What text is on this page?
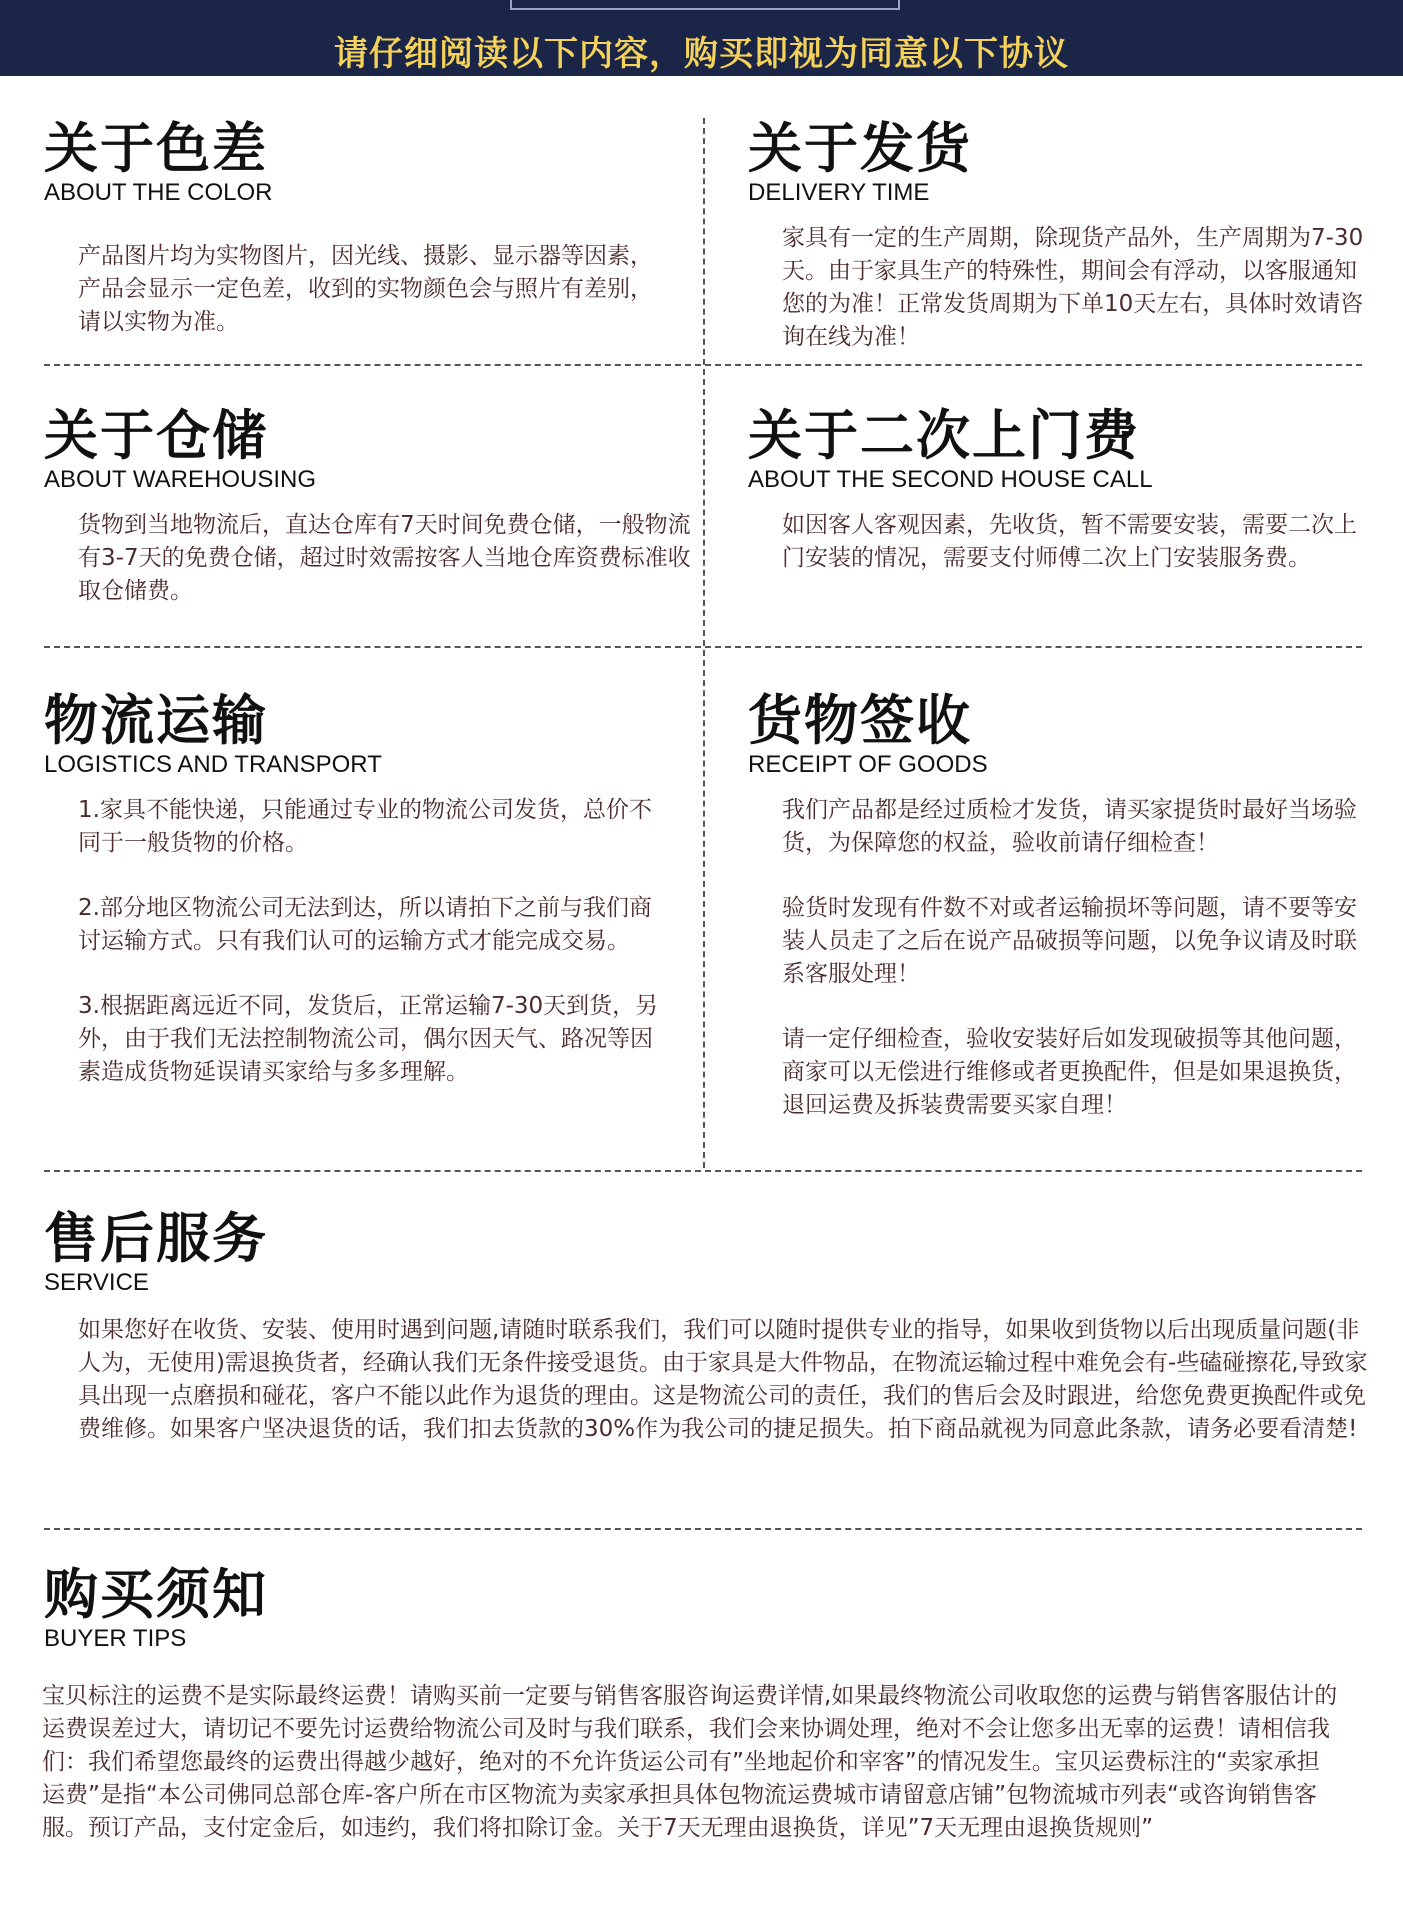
请仔细阅读以下内容，购买即视为同意以下协议
关于色差
ABOUT THE COLOR

产品图片均为实物图片，因光线、摄影、显示器等因素，产品会显示一定色差，收到的实物颜色会与照片有差别，请以实物为准。

关于发货
DELIVERY TIME

家具有一定的生产周期，除现货产品外，生产周期为7-30天。由于家具生产的特殊性，期间会有浮动，以客服通知您的为准！正常发货周期为下单10天左右，具体时效请咨询在线为准！

关于仓储
ABOUT WAREHOUSING

货物到当地物流后，直达仓库有7天时间免费仓储，一般物流有3-7天的免费仓储，超过时效需按客人当地仓库资费标准收取仓储费。

关于二次上门费
ABOUT THE SECOND HOUSE CALL

如因客人客观因素，先收货，暂不需要安装，需要二次上门安装的情况，需要支付师傅二次上门安装服务费。

物流运输
LOGISTICS AND TRANSPORT

1.家具不能快递，只能通过专业的物流公司发货，总价不同于一般货物的价格。

2.部分地区物流公司无法到达，所以请拍下之前与我们商讨运输方式。只有我们认可的运输方式才能完成交易。

3.根据距离远近不同，发货后，正常运输7-30天到货，另外，由于我们无法控制物流公司，偶尔因天气、路况等因素造成货物延误请买家给与多多理解。

货物签收
RECEIPT OF GOODS

我们产品都是经过质检才发货，请买家提货时最好当场验货，为保障您的权益，验收前请仔细检查！

验货时发现有件数不对或者运输损坏等问题，请不要等安装人员走了之后在说产品破损等问题，以免争议请及时联系客服处理！

请一定仔细检查，验收安装好后如发现破损等其他问题，商家可以无偿进行维修或者更换配件，但是如果退换货，退回运费及拆装费需要买家自理！

售后服务
SERVICE

如果您好在收货、安装、使用时遇到问题,请随时联系我们，我们可以随时提供专业的指导，如果收到货物以后出现质量问题(非人为，无使用)需退换货者，经确认我们无条件接受退货。由于家具是大件物品，在物流运输过程中难免会有-些磕碰擦花,导致家具出现一点磨损和碰花，客户不能以此作为退货的理由。这是物流公司的责任，我们的售后会及时跟进，给您免费更换配件或免费维修。如果客户坚决退货的话，我们扣去货款的30%作为我公司的捷足损失。拍下商品就视为同意此条款，请务必要看清楚!

购买须知
BUYER TIPS

宝贝标注的运费不是实际最终运费！请购买前一定要与销售客服咨询运费详情,如果最终物流公司收取您的运费与销售客服估计的运费误差过大，请切记不要先讨运费给物流公司及时与我们联系，我们会来协调处理，绝对不会让您多出无辜的运费！请相信我们：我们希望您最终的运费出得越少越好，绝对的不允许货运公司有”坐地起价和宰客”的情况发生。宝贝运费标注的“卖家承担运费”是指“本公司佛同总部仓库-客户所在市区物流为卖家承担具体包物流运费城市请留意店铺”包物流城市列表“或咨询销售客服。预订产品，支付定金后，如违约，我们将扣除订金。关于7天无理由退换货，详见”7天无理由退换货规则”
